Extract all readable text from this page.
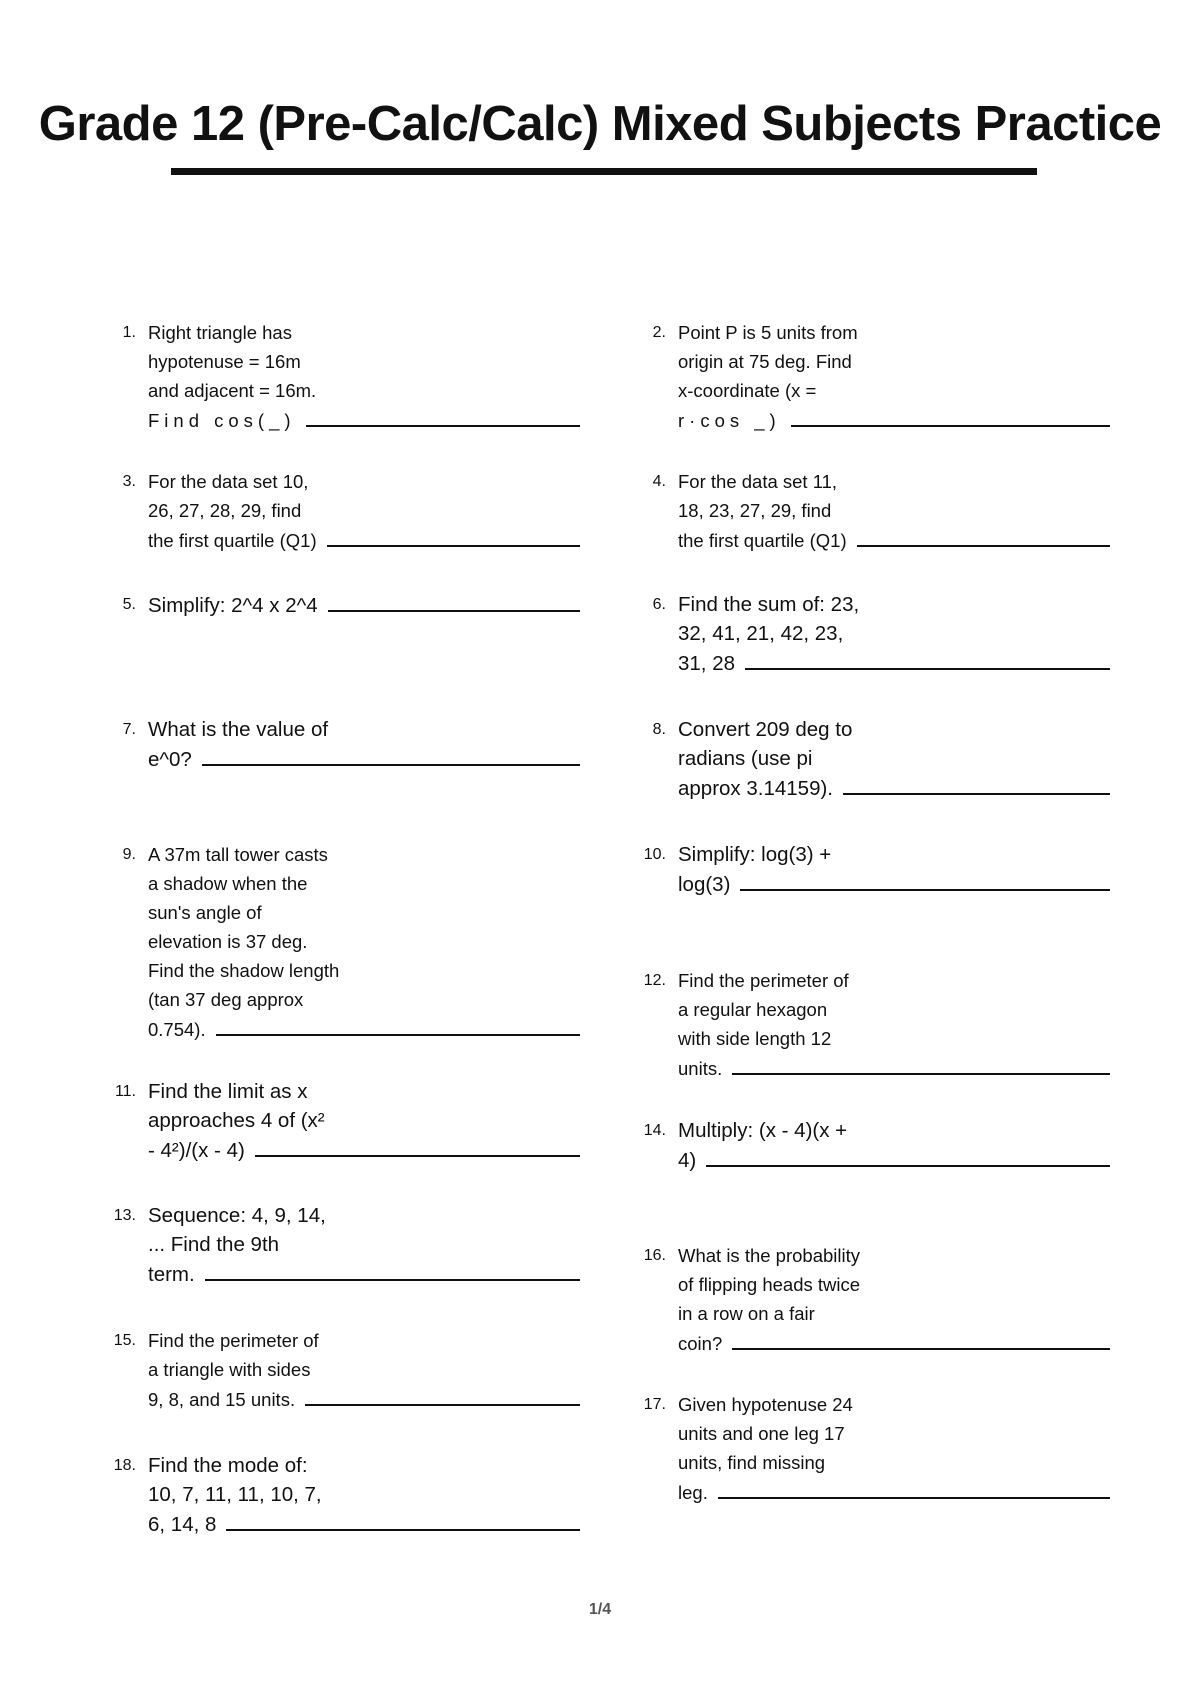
Grade 12 (Pre-Calc/Calc) Mixed Subjects Practice
1. Right triangle has
hypotenuse = 16m
and adjacent = 16m.
Find cos(_)
3. For the data set 10,
26, 27, 28, 29, find
the first quartile (Q1)
5. Simplify: 2^4 x 2^4
7. What is the value of
e^0?
9. A 37m tall tower casts
a shadow when the
sun's angle of
elevation is 37 deg.
Find the shadow length
(tan 37 deg approx
0.754).
11. Find the limit as x
approaches 4 of (x²
- 4²)/(x - 4)
13. Sequence: 4, 9, 14,
... Find the 9th
term.
15. Find the perimeter of
a triangle with sides
9, 8, and 15 units.
18. Find the mode of:
10, 7, 11, 11, 10, 7,
6, 14, 8
2. Point P is 5 units from
origin at 75 deg. Find
x-coordinate (x =
r·cos _)
4. For the data set 11,
18, 23, 27, 29, find
the first quartile (Q1)
6. Find the sum of: 23,
32, 41, 21, 42, 23,
31, 28
8. Convert 209 deg to
radians (use pi
approx 3.14159).
10. Simplify: log(3) +
log(3)
12. Find the perimeter of
a regular hexagon
with side length 12
units.
14. Multiply: (x - 4)(x +
4)
16. What is the probability
of flipping heads twice
in a row on a fair
coin?
17. Given hypotenuse 24
units and one leg 17
units, find missing
leg.
1/4
